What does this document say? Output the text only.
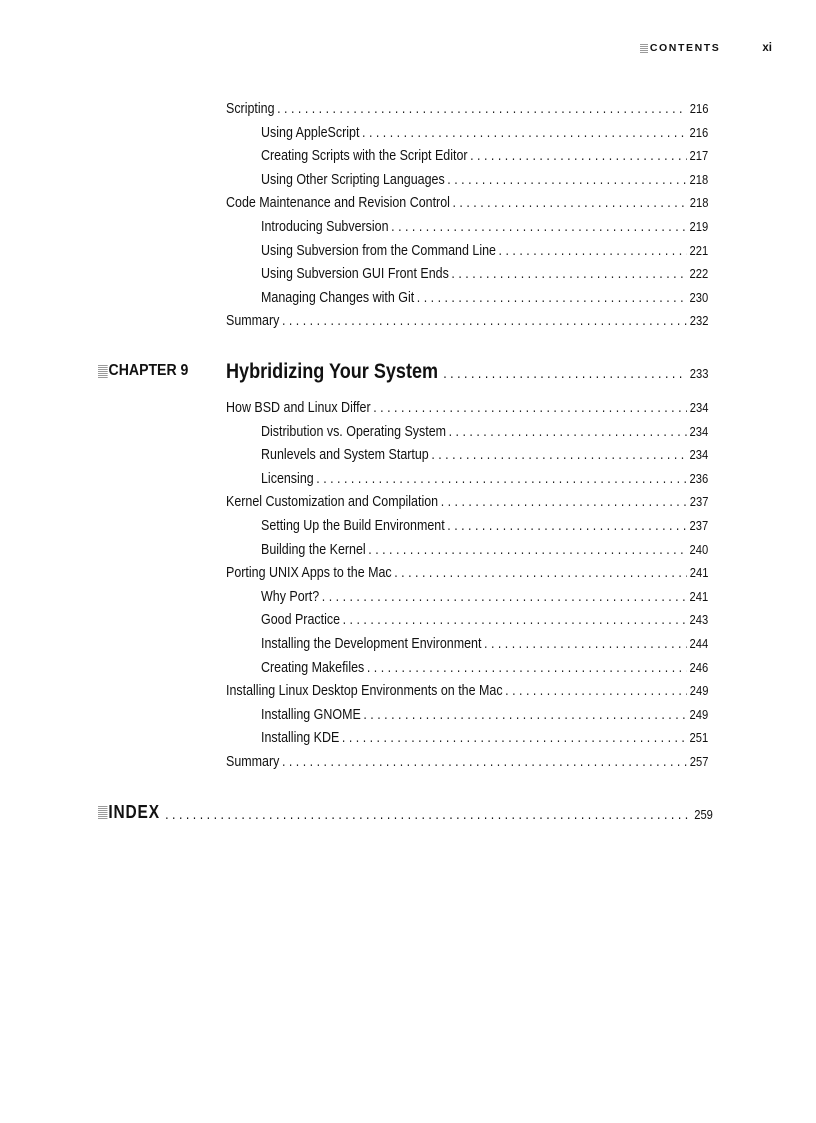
CONTENTS	xi
Scripting . . .	216
Using AppleScript . . .	216
Creating Scripts with the Script Editor . . .	217
Using Other Scripting Languages . . .	218
Code Maintenance and Revision Control . . .	218
Introducing Subversion . . .	219
Using Subversion from the Command Line . . .	221
Using Subversion GUI Front Ends . . .	222
Managing Changes with Git . . .	230
Summary . . .	232
CHAPTER 9 Hybridizing Your System . . .	233
How BSD and Linux Differ . . .	234
Distribution vs. Operating System . . .	234
Runlevels and System Startup . . .	234
Licensing . . .	236
Kernel Customization and Compilation . . .	237
Setting Up the Build Environment . . .	237
Building the Kernel . . .	240
Porting UNIX Apps to the Mac . . .	241
Why Port? . . .	241
Good Practice . . .	243
Installing the Development Environment . . .	244
Creating Makefiles . . .	246
Installing Linux Desktop Environments on the Mac . . .	249
Installing GNOME . . .	249
Installing KDE . . .	251
Summary . . .	257
INDEX . . .	259
